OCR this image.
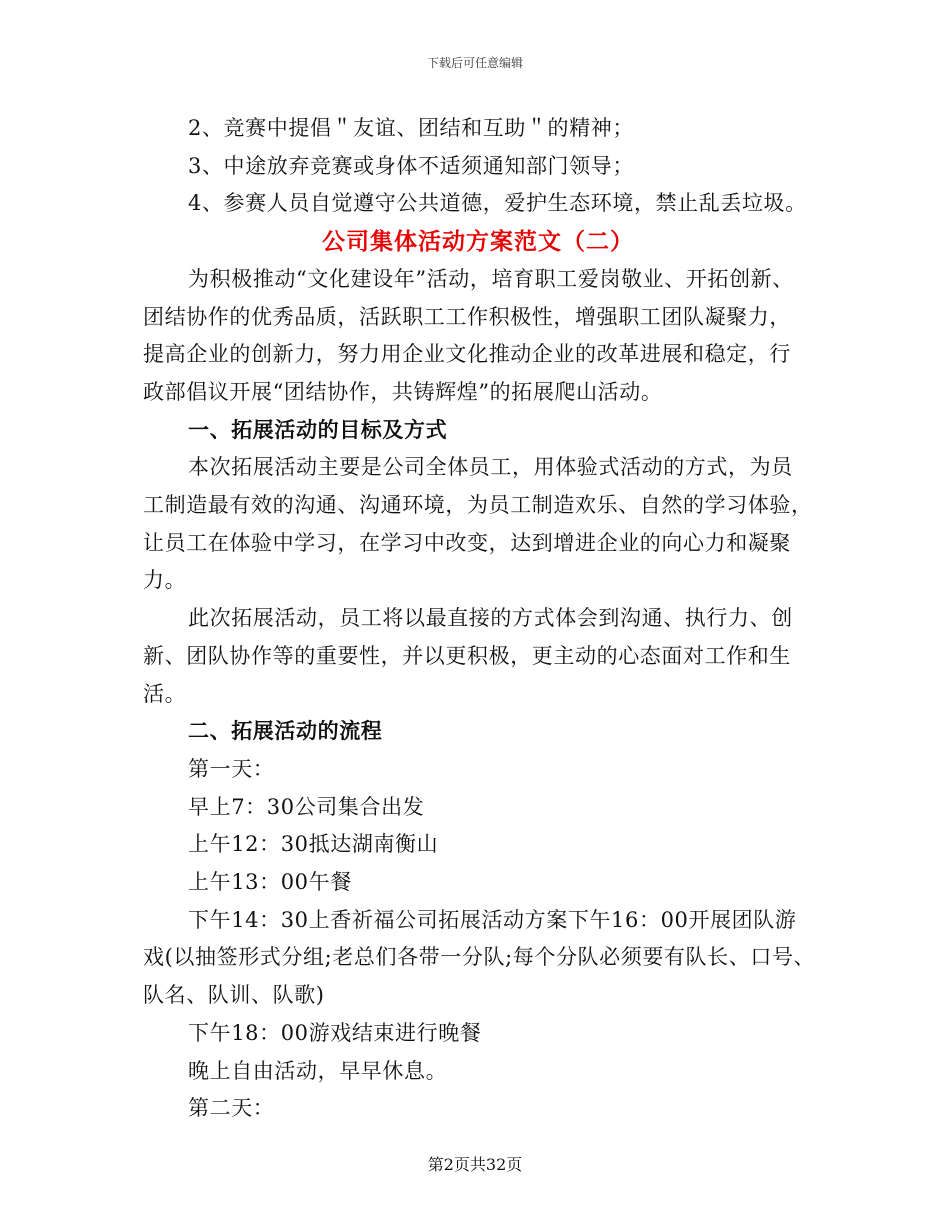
下载后可任意编辑
2、竞赛中提倡＂友谊、团结和互助＂的精神；
3、中途放弃竞赛或身体不适须通知部门领导；
4、参赛人员自觉遵守公共道德，爱护生态环境，禁止乱丢垃圾。
公司集体活动方案范文（二）
为积极推动“文化建设年”活动，培育职工爱岗敬业、开拓创新、
团结协作的优秀品质，活跃职工工作积极性，增强职工团队凝聚力，
提高企业的创新力，努力用企业文化推动企业的改革进展和稳定，行
政部倡议开展“团结协作，共铸辉煌”的拓展爬山活动。
一、拓展活动的目标及方式
本次拓展活动主要是公司全体员工，用体验式活动的方式，为员
工制造最有效的沟通、沟通环境，为员工制造欢乐、自然的学习体验，
让员工在体验中学习，在学习中改变，达到增进企业的向心力和凝聚
力。
此次拓展活动，员工将以最直接的方式体会到沟通、执行力、创
新、团队协作等的重要性，并以更积极，更主动的心态面对工作和生
活。
二、拓展活动的流程
第一天：
早上7：30公司集合出发
上午12：30抵达湖南衡山
上午13：00午餐
下午14：30上香祈福公司拓展活动方案下午16：00开展团队游
戏(以抽签形式分组;老总们各带一分队;每个分队必须要有队长、口号、
队名、队训、队歌)
下午18：00游戏结束进行晚餐
晚上自由活动，早早休息。
第二天：
第2页共32页
